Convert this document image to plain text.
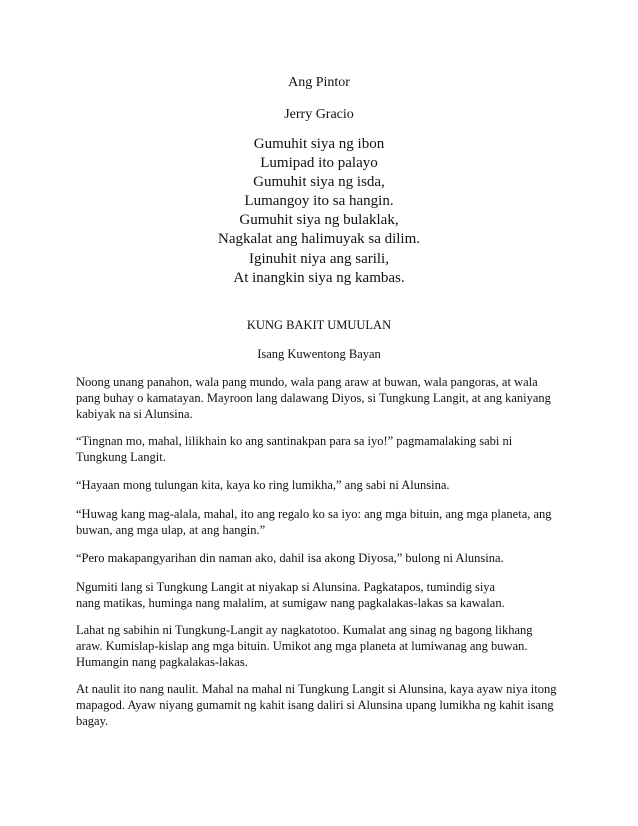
Ang Pintor

Jerry Gracio

Gumuhit siya ng ibon
Lumipad ito palayo
Gumuhit siya ng isda,
Lumangoy ito sa hangin.
Gumuhit siya ng bulaklak,
Nagkalat ang halimuyak sa dilim.
Iginuhit niya ang sarili,
At inangkin siya ng kambas.

KUNG BAKIT UMUULAN

Isang Kuwentong Bayan

Noong unang panahon, wala pang mundo, wala pang araw at buwan, wala pangoras, at wala
pang buhay o kamatayan. Mayroon lang dalawang Diyos, si Tungkung Langit, at ang kaniyang
kabiyak na si Alunsina.

“Tingnan mo, mahal, lilikhain ko ang santinakpan para sa iyo!” pagmamalaking sabi ni
Tungkung Langit.

“Hayaan mong tulungan kita, kaya ko ring lumikha,” ang sabi ni Alunsina.

“Huwag kang mag-alala, mahal, ito ang regalo ko sa iyo: ang mga bituin, ang mga planeta, ang
buwan, ang mga ulap, at ang hangin.”

“Pero makapangyarihan din naman ako, dahil isa akong Diyosa,” bulong ni Alunsina.

Ngumiti lang si Tungkung Langit at niyakap si Alunsina. Pagkatapos, tumindig siya
nang matikas, huminga nang malalim, at sumigaw nang pagkalakas-lakas sa kawalan.

Lahat ng sabihin ni Tungkung-Langit ay nagkatotoo. Kumalat ang sinag ng bagong likhang
araw. Kumislap-kislap ang mga bituin. Umikot ang mga planeta at lumiwanag ang buwan.
Humangin nang pagkalakas-lakas.

At naulit ito nang naulit. Mahal na mahal ni Tungkung Langit si Alunsina, kaya ayaw niya itong
mapagod. Ayaw niyang gumamit ng kahit isang daliri si Alunsina upang lumikha ng kahit isang
bagay.
